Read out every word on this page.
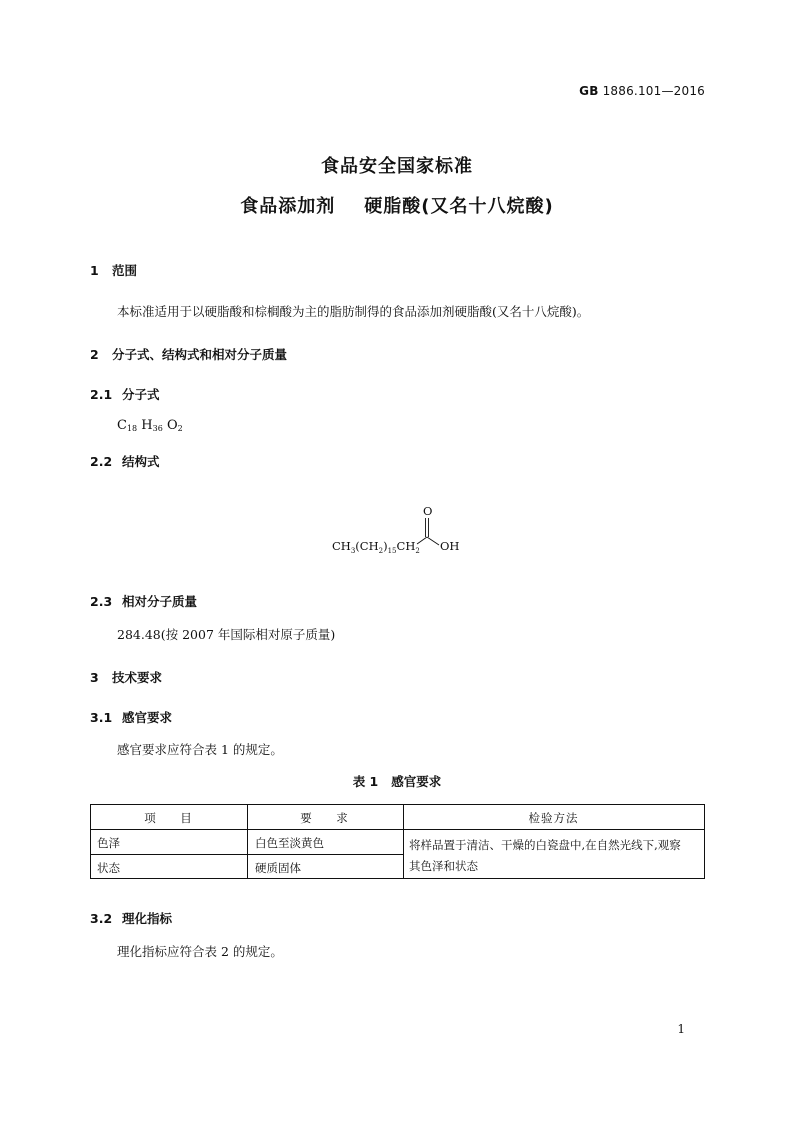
GB 1886.101—2016
食品安全国家标准
食品添加剂    硬脂酸(又名十八烷酸)
1 范围
本标准适用于以硬脂酸和棕榈酸为主的脂肪制得的食品添加剂硬脂酸(又名十八烷酸)。
2 分子式、结构式和相对分子质量
2.1 分子式
$C_{18}$ $H_{36}$ $O_2$
2.2 结构式
$CH_3(CH_2)_{15}CH_2$
O
OH
2.3 相对分子质量
284.48(按 2007 年国际相对原子质量)
3 技术要求
3.1 感官要求
感官要求应符合表 1 的规定。
表 1   感官要求
项    目	要    求	检验方法
色泽	白色至淡黄色
状态	硬质固体
将样品置于清洁、干燥的白瓷盘中,在自然光线下,观察
其色泽和状态
3.2 理化指标
理化指标应符合表 2 的规定。
1
